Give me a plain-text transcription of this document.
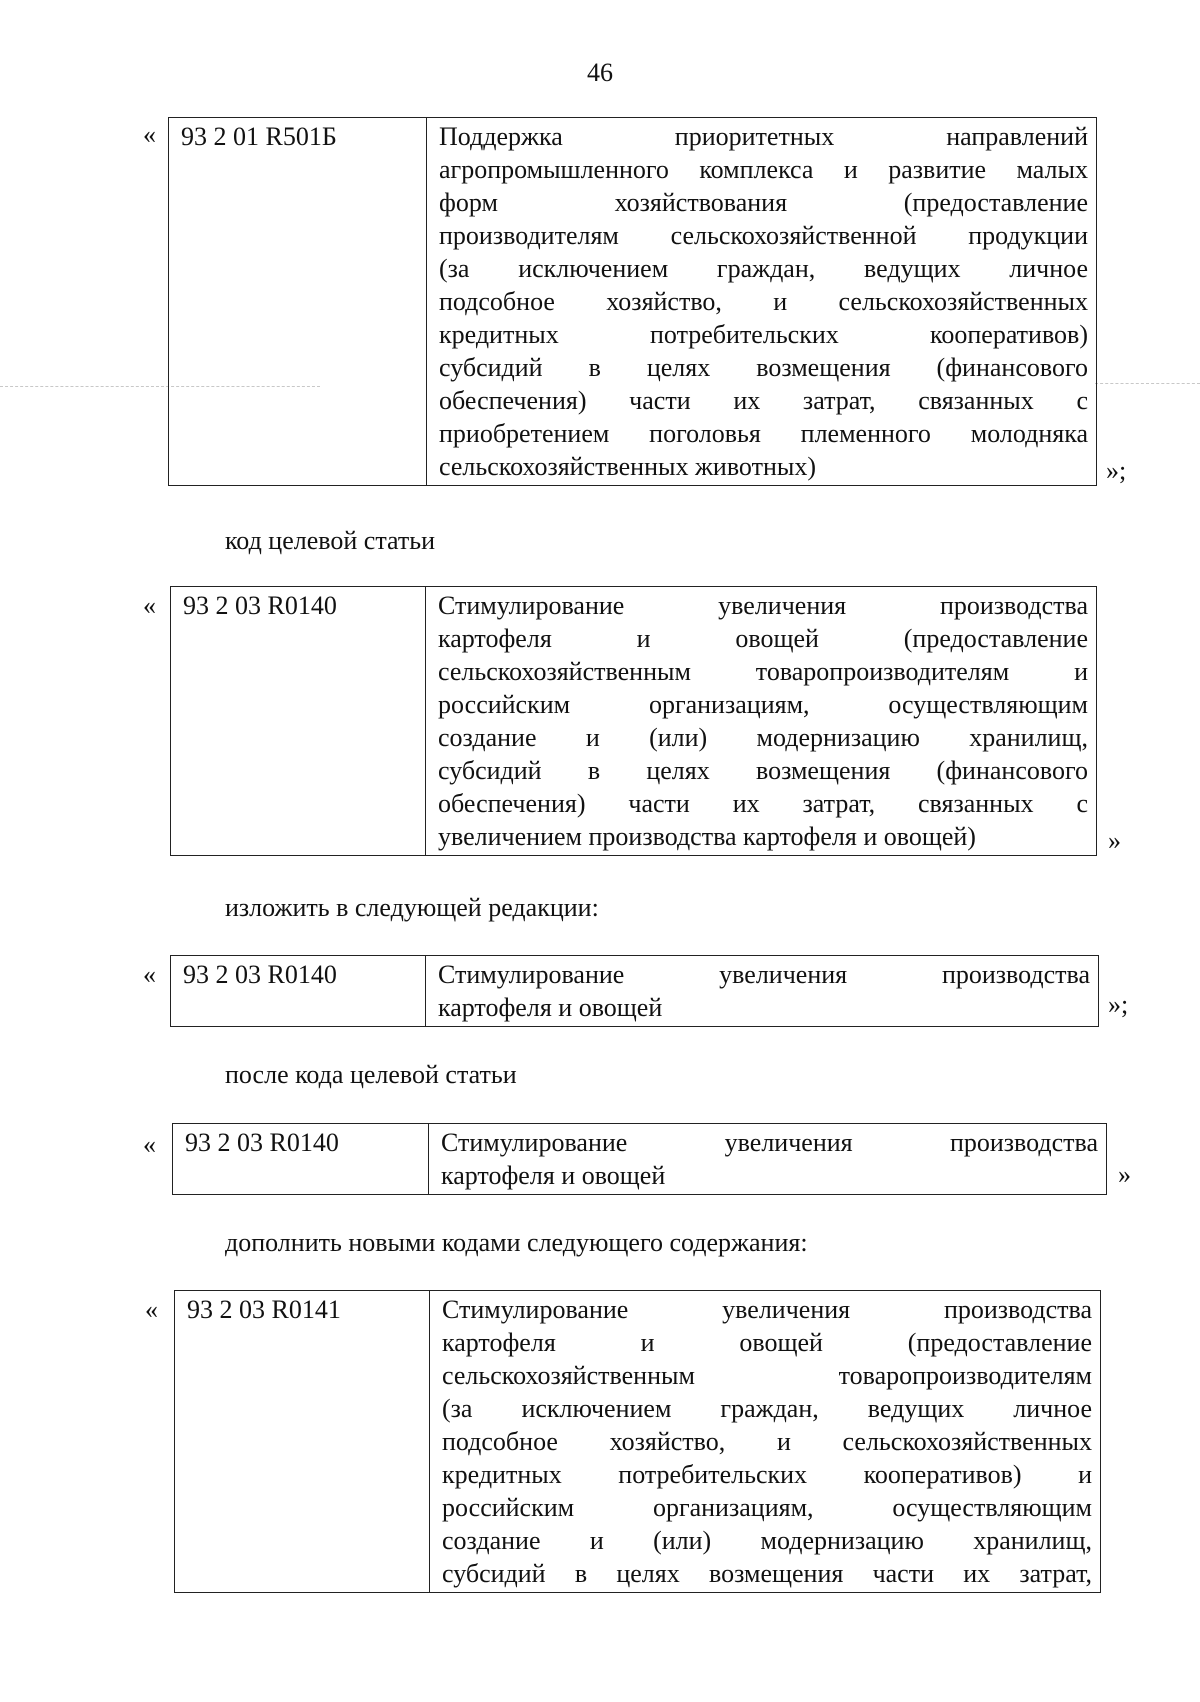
46
« 93 2 01 R501Б	Поддержка приоритетных направлений
агропромышленного комплекса и развитие малых
форм хозяйствования (предоставление
производителям сельскохозяйственной продукции
(за исключением граждан, ведущих личное
подсобное хозяйство, и сельскохозяйственных
кредитных потребительских кооперативов)
субсидий в целях возмещения (финансового
обеспечения) части их затрат, связанных с
приобретением поголовья племенного молодняка
сельскохозяйственных животных)	»;
код целевой статьи
« 93 2 03 R0140	Стимулирование увеличения производства
картофеля и овощей (предоставление
сельскохозяйственным товаропроизводителям и
российским организациям, осуществляющим
создание и (или) модернизацию хранилищ,
субсидий в целях возмещения (финансового
обеспечения) части их затрат, связанных с
увеличением производства картофеля и овощей)	»
изложить в следующей редакции:
« 93 2 03 R0140	Стимулирование увеличения производства
картофеля и овощей	»;
после кода целевой статьи
« 93 2 03 R0140	Стимулирование увеличения производства
картофеля и овощей	»
дополнить новыми кодами следующего содержания:
« 93 2 03 R0141	Стимулирование увеличения производства
картофеля и овощей (предоставление
сельскохозяйственным товаропроизводителям
(за исключением граждан, ведущих личное
подсобное хозяйство, и сельскохозяйственных
кредитных потребительских кооперативов) и
российским организациям, осуществляющим
создание и (или) модернизацию хранилищ,
субсидий в целях возмещения части их затрат,
